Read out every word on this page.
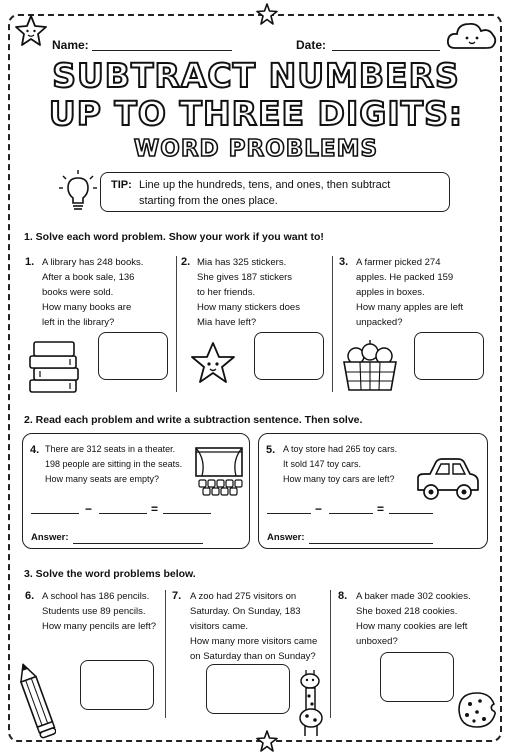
Name:	Date:
SUBTRACT NUMBERS
UP TO THREE DIGITS:
WORD PROBLEMS
TIP: Line up the hundreds, tens, and ones, then subtract
starting from the ones place.
1. Solve each word problem. Show your work if you want to!
1. A library has 248 books.
After a book sale, 136
books were sold.
How many books are
left in the library?
2. Mia has 325 stickers.
She gives 187 stickers
to her friends.
How many stickers does
Mia have left?
3. A farmer picked 274
apples. He packed 159
apples in boxes.
How many apples are left
unpacked?
2. Read each problem and write a subtraction sentence. Then solve.
4. There are 312 seats in a theater.
198 people are sitting in the seats.
How many seats are empty?
−	=
Answer:
5. A toy store had 265 toy cars.
It sold 147 toy cars.
How many toy cars are left?
−	=
Answer:
3. Solve the word problems below.
6. A school has 186 pencils.
Students use 89 pencils.
How many pencils are left?
7. A zoo had 275 visitors on
Saturday. On Sunday, 183
visitors came.
How many more visitors came
on Saturday than on Sunday?
8. A baker made 302 cookies.
She boxed 218 cookies.
How many cookies are left
unboxed?
